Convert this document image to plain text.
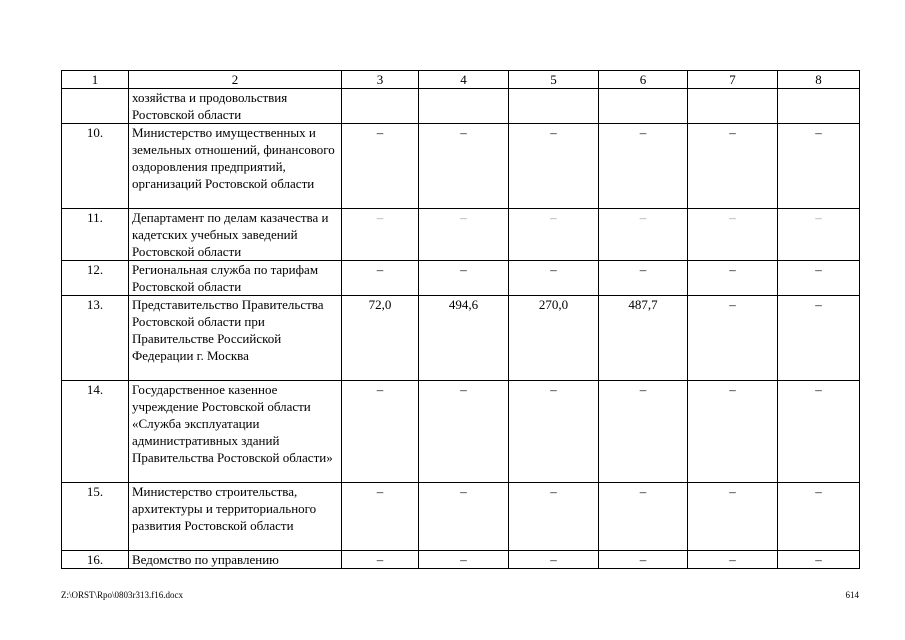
1	2	3	4	5	6	7	8
	хозяйства и продовольствия Ростовской области						
10.	Министерство имущественных и земельных отношений, финансового оздоровления предприятий, организаций Ростовской области	–	–	–	–	–	–
11.	Департамент по делам казачества и кадетских учебных заведений Ростовской области	–	–	–	–	–	–
12.	Региональная служба по тарифам Ростовской области	–	–	–	–	–	–
13.	Представительство Правительства Ростовской области при Правительстве Российской Федерации г. Москва	72,0	494,6	270,0	487,7	–	–
14.	Государственное казенное учреждение Ростовской области «Служба эксплуатации административных зданий Правительства Ростовской области»	–	–	–	–	–	–
15.	Министерство строительства, архитектуры и территориального развития Ростовской области	–	–	–	–	–	–
16.	Ведомство по управлению	–	–	–	–	–	–
Z:\ORST\Rpo\0803r313.f16.docx	614
